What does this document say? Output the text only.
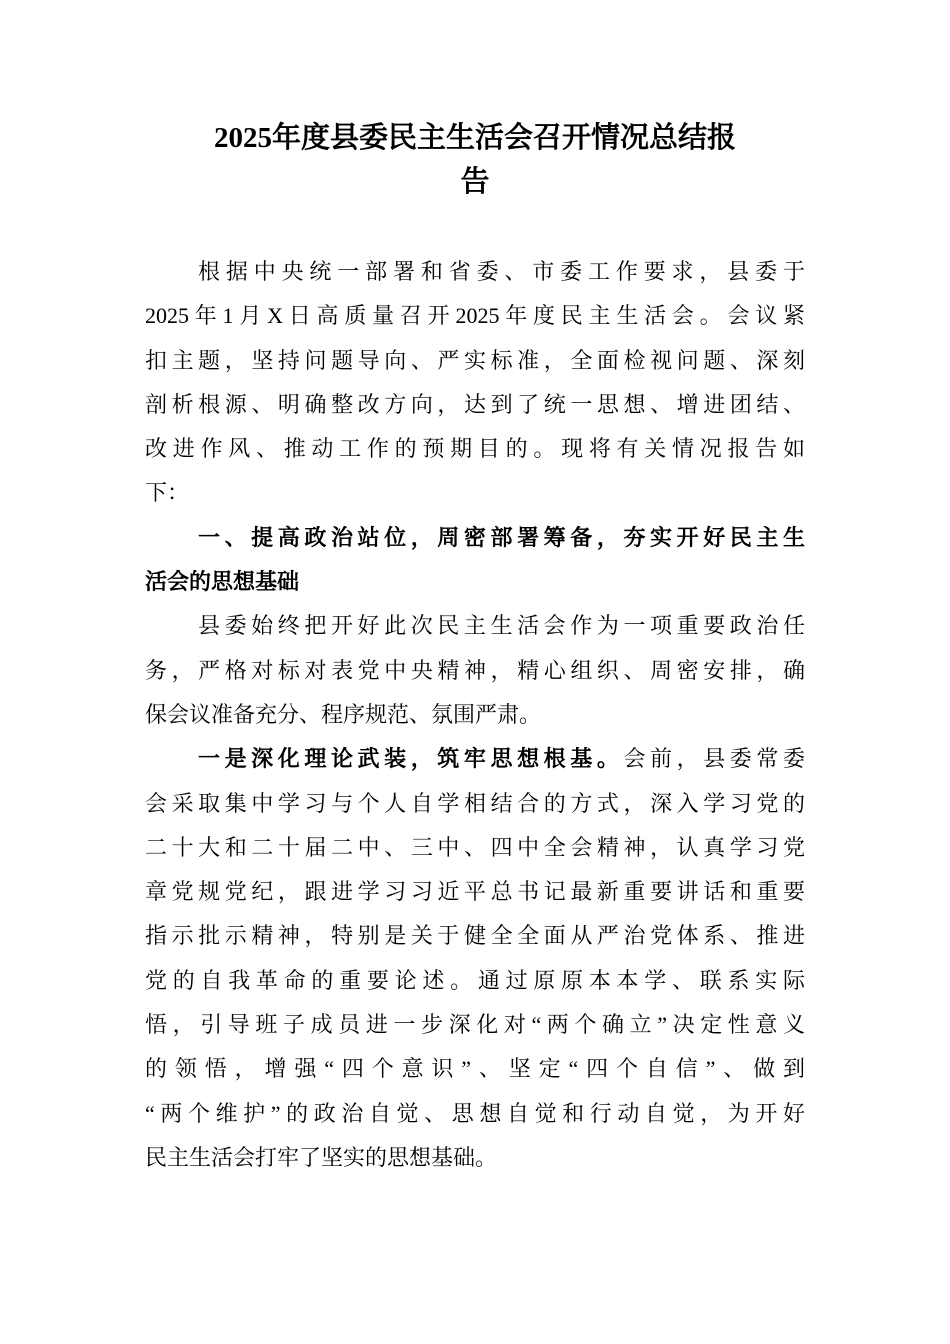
2025年度县委民主生活会召开情况总结报
告
根据中央统一部署和省委、市委工作要求，县委于
2025年1月X日高质量召开2025年度民主生活会。会议紧
扣主题，坚持问题导向、严实标准，全面检视问题、深刻
剖析根源、明确整改方向，达到了统一思想、增进团结、
改进作风、推动工作的预期目的。现将有关情况报告如
下：
一、提高政治站位，周密部署筹备，夯实开好民主生
活会的思想基础
县委始终把开好此次民主生活会作为一项重要政治任
务，严格对标对表党中央精神，精心组织、周密安排，确
保会议准备充分、程序规范、氛围严肃。
一是深化理论武装，筑牢思想根基。会前，县委常委
会采取集中学习与个人自学相结合的方式，深入学习党的
二十大和二十届二中、三中、四中全会精神，认真学习党
章党规党纪，跟进学习习近平总书记最新重要讲话和重要
指示批示精神，特别是关于健全全面从严治党体系、推进
党的自我革命的重要论述。通过原原本本学、联系实际
悟，引导班子成员进一步深化对“两个确立”决定性意义
的领悟，增强“四个意识”、坚定“四个自信”、做到
“两个维护”的政治自觉、思想自觉和行动自觉，为开好
民主生活会打牢了坚实的思想基础。
